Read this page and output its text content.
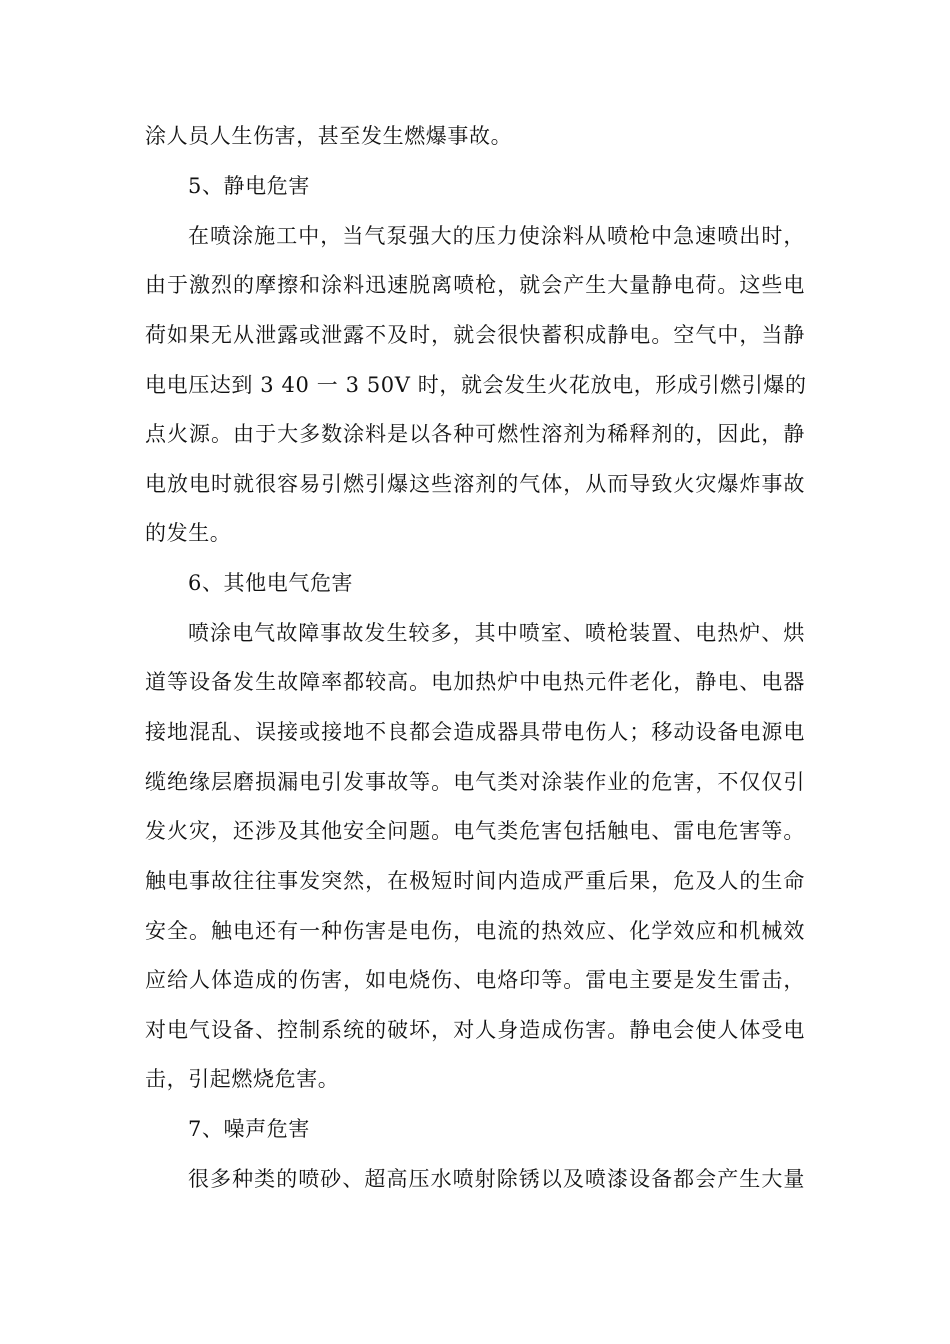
涂人员人生伤害，甚至发生燃爆事故。
5、静电危害
在喷涂施工中，当气泵强大的压力使涂料从喷枪中急速喷出时，
由于激烈的摩擦和涂料迅速脱离喷枪，就会产生大量静电荷。这些电
荷如果无从泄露或泄露不及时，就会很快蓄积成静电。空气中，当静
电电压达到 3 40 一 3 50V 时，就会发生火花放电，形成引燃引爆的
点火源。由于大多数涂料是以各种可燃性溶剂为稀释剂的，因此，静
电放电时就很容易引燃引爆这些溶剂的气体，从而导致火灾爆炸事故
的发生。
6、其他电气危害
喷涂电气故障事故发生较多，其中喷室、喷枪装置、电热炉、烘
道等设备发生故障率都较高。电加热炉中电热元件老化，静电、电器
接地混乱、误接或接地不良都会造成器具带电伤人；移动设备电源电
缆绝缘层磨损漏电引发事故等。电气类对涂装作业的危害，不仅仅引
发火灾，还涉及其他安全问题。电气类危害包括触电、雷电危害等。
触电事故往往事发突然，在极短时间内造成严重后果，危及人的生命
安全。触电还有一种伤害是电伤，电流的热效应、化学效应和机械效
应给人体造成的伤害，如电烧伤、电烙印等。雷电主要是发生雷击，
对电气设备、控制系统的破坏，对人身造成伤害。静电会使人体受电
击，引起燃烧危害。
7、噪声危害
很多种类的喷砂、超高压水喷射除锈以及喷漆设备都会产生大量
